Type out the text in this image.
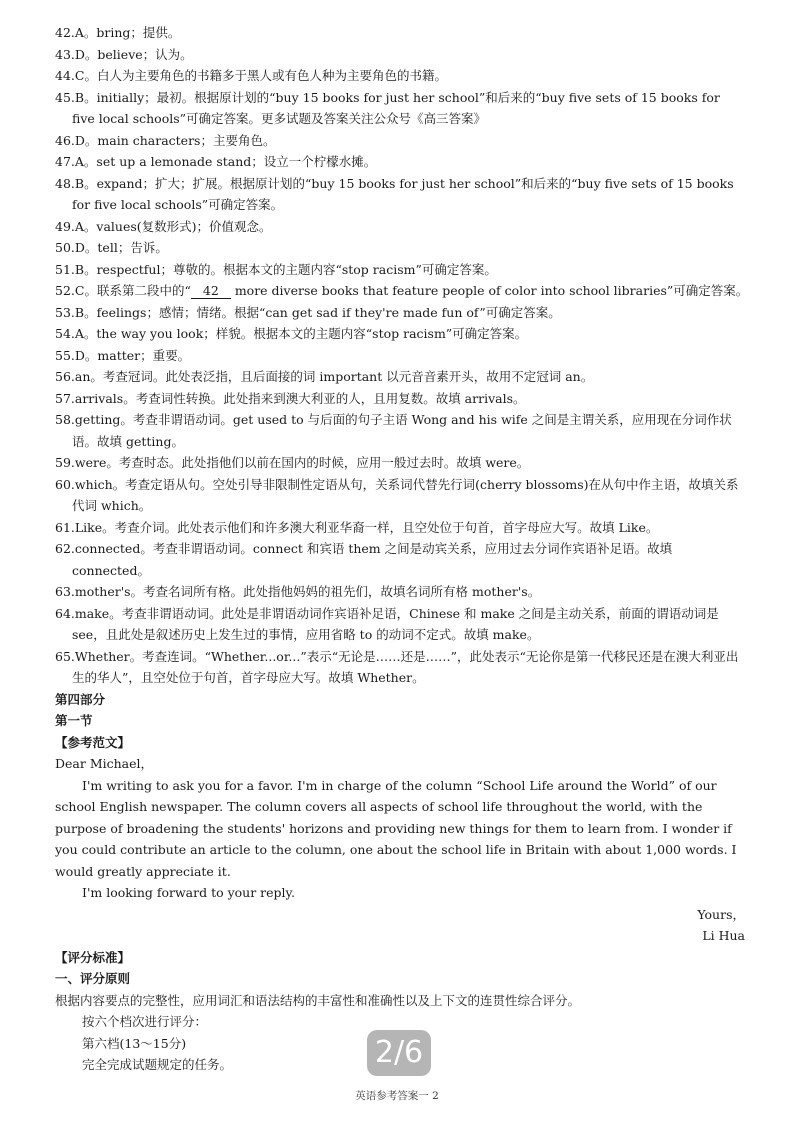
42.A。bring；提供。
43.D。believe；认为。
44.C。白人为主要角色的书籍多于黑人或有色人种为主要角色的书籍。
45.B。initially；最初。根据原计划的“buy 15 books for just her school”和后来的“buy five sets of 15 books for five local schools”可确定答案。更多试题及答案关注公众号《高三答案》
46.D。main characters；主要角色。
47.A。set up a lemonade stand；设立一个柠檬水摊。
48.B。expand；扩大；扩展。根据原计划的“buy 15 books for just her school”和后来的“buy five sets of 15 books for five local schools”可确定答案。
49.A。values(复数形式)；价值观念。
50.D。tell；告诉。
51.B。respectful；尊敬的。根据本文的主题内容“stop racism”可确定答案。
52.C。联系第二段中的“ 42 more diverse books that feature people of color into school libraries”可确定答案。
53.B。feelings；感情；情绪。根据“can get sad if they're made fun of”可确定答案。
54.A。the way you look；样貌。根据本文的主题内容“stop racism”可确定答案。
55.D。matter；重要。
56.an。考查冠词。此处表泛指，且后面接的词 important 以元音音素开头，故用不定冠词 an。
57.arrivals。考查词性转换。此处指来到澳大利亚的人，且用复数。故填 arrivals。
58.getting。考查非谓语动词。get used to 与后面的句子主语 Wong and his wife 之间是主谓关系，应用现在分词作状语。故填 getting。
59.were。考查时态。此处指他们以前在国内的时候，应用一般过去时。故填 were。
60.which。考查定语从句。空处引导非限制性定语从句，关系词代替先行词(cherry blossoms)在从句中作主语，故填关系代词 which。
61.Like。考查介词。此处表示他们和许多澳大利亚华裔一样，且空处位于句首，首字母应大写。故填 Like。
62.connected。考查非谓语动词。connect 和宾语 them 之间是动宾关系，应用过去分词作宾语补足语。故填 connected。
63.mother's。考查名词所有格。此处指他妈妈的祖先们，故填名词所有格 mother's。
64.make。考查非谓语动词。此处是非谓语动词作宾语补足语，Chinese 和 make 之间是主动关系，前面的谓语动词是 see，且此处是叙述历史上发生过的事情，应用省略 to 的动词不定式。故填 make。
65.Whether。考查连词。“Whether...or...”表示“无论是……还是……”，此处表示“无论你是第一代移民还是在澳大利亚出生的华人”，且空处位于句首，首字母应大写。故填 Whether。
第四部分
第一节
【参考范文】
Dear Michael，
I'm writing to ask you for a favor. I'm in charge of the column “School Life around the World” of our school English newspaper. The column covers all aspects of school life throughout the world, with the purpose of broadening the students' horizons and providing new things for them to learn from. I wonder if you could contribute an article to the column, one about the school life in Britain with about 1,000 words. I would greatly appreciate it.
I'm looking forward to your reply.
Yours，
Li Hua
【评分标准】
一、评分原则
根据内容要点的完整性，应用词汇和语法结构的丰富性和准确性以及上下文的连贯性综合评分。
按六个档次进行评分：
第六档(13～15分)
完全完成试题规定的任务。	2/6
英语参考答案一 2
